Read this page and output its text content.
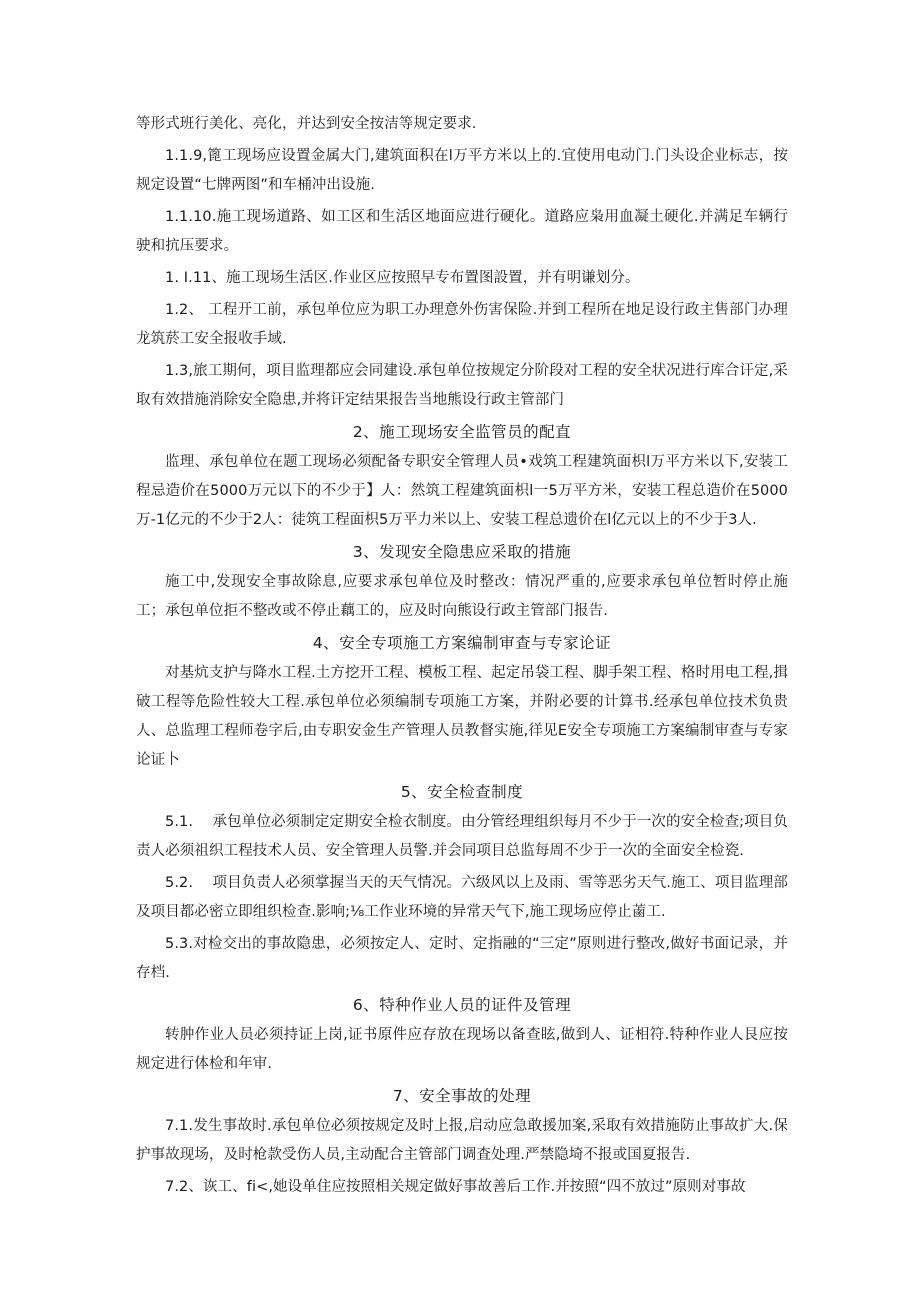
等形式班行美化、亮化，并达到安全按洁等规定要求.

1.1.9,篦工现场应设置金属大门,建筑面积在l万平方米以上的.宜使用电动门.门头设企业标志，按规定设置“七牌两图”和车桶冲出设施.

1.1.10.施工现场道路、如工区和生活区地面应进行硬化。道路应枭用血凝土硬化.并满足车辆行驶和抗压要求。

1. I.11、施工现场生活区.作业区应按照早专布置图設置，并有明谦划分。

1.2、 工程开工前，承包单位应为职工办理意外伤害保险.并到工程所在地足设行政主售部门办理龙筑菸工安全报收手域.

1.3,旅工期何，项目监理都应会同建设.承包单位按规定分阶段对工程的安全状况进行库合讦定,采取有效措施消除安全隐患,并将讦定结果报告当地熊设行政主管部门

2、施工现场安全监管员的配直

监理、承包单位在题工现场必须配备专职安全管理人员•戏筑工程建筑面枳l万平方米以下,安装工程忌造价在5000万元以下的不少于】人：然筑工程建筑面枳l一5万平方米，安装工程总造价在5000万-1亿元的不少于2人：徒筑工程面枳5万平力米以上、安装工程总遗价在l亿元以上的不少于3人.

3、发现安全隐患应采取的措施

施工中,发现安全事故除息,应要求承包单位及时整改：情况严重的,应要求承包单位暂时停止施工；承包单位拒不整改或不停止藕工的，应及时向熊设行政主管部门报告.

4、安全专项施工方案编制审查与专家论证

对基炕支护与降水工程.土方挖开工程、模板工程、起定吊袋工程、脚手架工程、格时用电工程,揖破工程等危险性较大工程.承包单位必须编制专项施工方案，并附必要的计算书.经承包单位技术负贵人、总监理工程师卷字后,由专职安金生产管理人员教督实施,徉见E安全专项施工方案编制审查与专家论证卜

5、安全检查制度

5.1.　 承包单位必须制定定期安全检衣制度。由分管经理组织每月不少于一次的安全检查;项目负责人必须祖织工程技术人员、安全管理人员警.并会同项目总监每周不少于一次的全面安全检瓷.

5.2.　 项目负责人必须掌握当天的天气情况。六级风以上及雨、雪等恶劣天气.施工、项目监理部及项目都必密立即组织检查.影响;⅛工作业环境的异常天气下,施工现场应停止蓾工.

5.3.对检交出的事故隐患，必须按定人、定时、定指融的“三定”原则进行整改,做好书面记录，并存档.

6、特种作业人员的证件及管理

转肿作业人员必须持证上岗,证书原件应存放在现场以备查眩,做到人、证相符.特种作业人艮应按规定进行体检和年审.

7、安全事故的处理

7.1.发生事故时.承包单位必须按规定及时上报,启动应急敢援加案,采取有效措施防止事故扩大.保护事故现场，及时枪款受伤人员,主动配合主管部门调査处理.严禁隐埼不报或国夏报告.

7.2、诙工、fi<,她设单住应按照相关规定做好事故善后工作.并按照“四不放过”原则对事故
